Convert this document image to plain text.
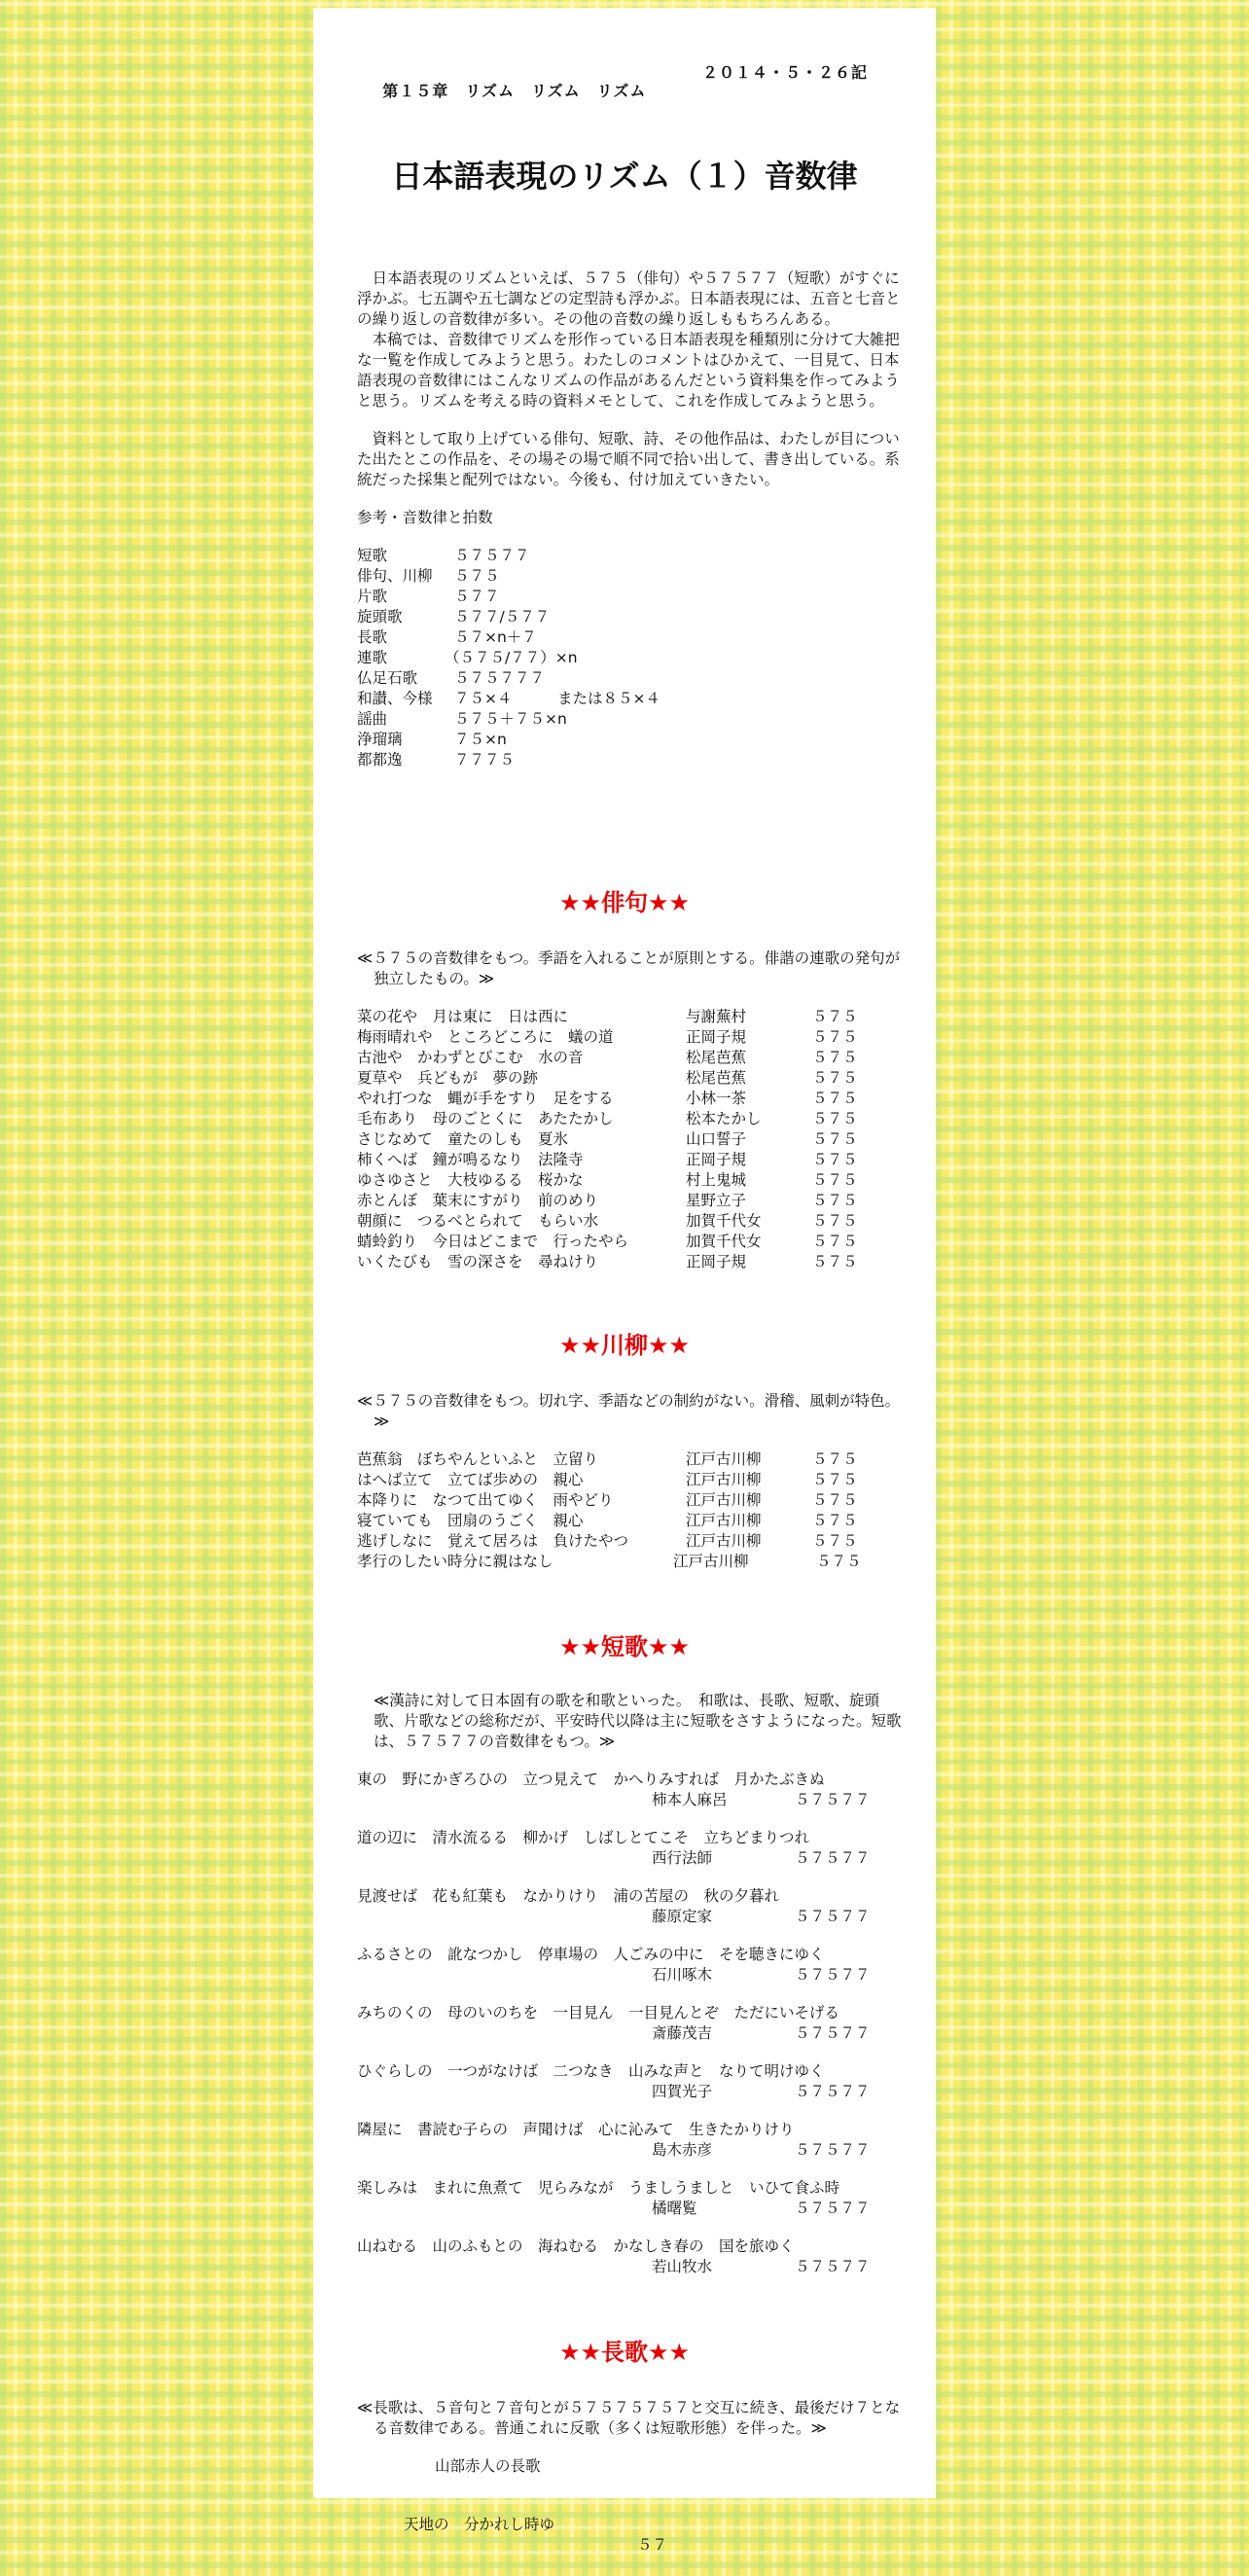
第１５章　リズム　リズム　リズム

２０１４・５・２６記

日本語表現のリズム（１）音数律

日本語表現のリズムといえば、５７５（俳句）や５７５７７（短歌）がすぐに浮かぶ。七五調や五七調などの定型詩も浮かぶ。日本語表現には、五音と七音との繰り返しの音数律が多い。その他の音数の繰り返しももちろんある。

本稿では、音数律でリズムを形作っている日本語表現を種類別に分けて大雑把な一覧を作成してみようと思う。わたしのコメントはひかえて、一目見て、日本語表現の音数律にはこんなリズムの作品があるんだという資料集を作ってみようと思う。リズムを考える時の資料メモとして、これを作成してみようと思う。

資料として取り上げている俳句、短歌、詩、その他作品は、わたしが目についた出たとこの作品を、その場その場で順不同で拾い出して、書き出している。系統だった採集と配列ではない。今後も、付け加えていきたい。

参考・音数律と拍数

短歌	５７５７７
俳句、川柳 ５７５
片歌	５７７
旋頭歌	５７７/５７７
長歌	５７×n＋７
連歌	（５７５/７７）×n
仏足石歌 ５７５７７７
和讃、今様 ７５×４　　　または８５×４
謡曲	５７５＋７５×n
浄瑠璃	７５×n
都都逸	７７７５
★★俳句★★
≪５７５の音数律をもつ。季語を入れることが原則とする。俳諧の連歌の発句が独立したもの。≫
菜の花や　月は東に　日は西に	与謝蕪村	５７５
梅雨晴れや　ところどころに　蟻の道	正岡子規	５７５
古池や　かわずとびこむ　水の音	松尾芭蕉	５７５
夏草や　兵どもが　夢の跡	松尾芭蕉	５７５
やれ打つな　蝿が手をすり　足をする	小林一茶	５７５
毛布あり　母のごとくに　あたたかし	松本たかし	５７５
さじなめて　童たのしも　夏氷	山口誓子	５７５
柿くへば　鐘が鳴るなり　法隆寺	正岡子規	５７５
ゆさゆさと　大枝ゆるる　桜かな	村上鬼城	５７５
赤とんぼ　葉末にすがり　前のめり	星野立子	５７５
朝顔に　つるべとられて　もらい水	加賀千代女	５７５
蜻蛉釣り　今日はどこまで　行ったやら	加賀千代女	５７５
いくたびも　雪の深さを　尋ねけり	正岡子規	５７５
★★川柳★★
≪５７５の音数律をもつ。切れ字、季語などの制約がない。滑稽、風刺が特色。≫
芭蕉翁　ぼちやんといふと　立留り	江戸古川柳	５７５
はへば立て　立てば歩めの　親心	江戸古川柳	５７５
本降りに　なつて出てゆく　雨やどり	江戸古川柳	５７５
寝ていても　団扇のうごく　親心	江戸古川柳	５７５
逃げしなに　覚えて居ろは　負けたやつ	江戸古川柳	５７５
孝行のしたい時分に親はなし	江戸古川柳	５７５
★★短歌★★
≪漢詩に対して日本固有の歌を和歌といった。　和歌は、長歌、短歌、旋頭歌、片歌などの総称だが、平安時代以降は主に短歌をさすようになった。短歌は、５７５７７の音数律をもつ。≫
東の　野にかぎろひの　立つ見えて　かへりみすれば　月かたぶきぬ
柿本人麻呂	５７５７７
道の辺に　清水流るる　柳かげ　しばしとてこそ　立ちどまりつれ
西行法師	５７５７７
見渡せば　花も紅葉も　なかりけり　浦の苫屋の　秋の夕暮れ
藤原定家	５７５７７
ふるさとの　訛なつかし　停車場の　人ごみの中に　そを聴きにゆく
石川啄木	５７５７７
みちのくの　母のいのちを　一目見ん　一目見んとぞ　ただにいそげる
斎藤茂吉	５７５７７
ひぐらしの　一つがなけば　二つなき　山みな声と　なりて明けゆく
四賀光子	５７５７７
隣屋に　書読む子らの　声聞けば　心に沁みて　生きたかりけり
島木赤彦	５７５７７
楽しみは　まれに魚煮て　児らみなが　うましうましと　いひて食ふ時
橘曙覧	５７５７７
山ねむる　山のふもとの　海ねむる　かなしき春の　国を旅ゆく
若山牧水	５７５７７
★★長歌★★
≪長歌は、５音句と７音句とが５７５７５７５７と交互に続き、最後だけ７となる音数律である。普通これに反歌（多くは短歌形態）を伴った。≫
山部赤人の長歌

天地の　分かれし時ゆ

５７
